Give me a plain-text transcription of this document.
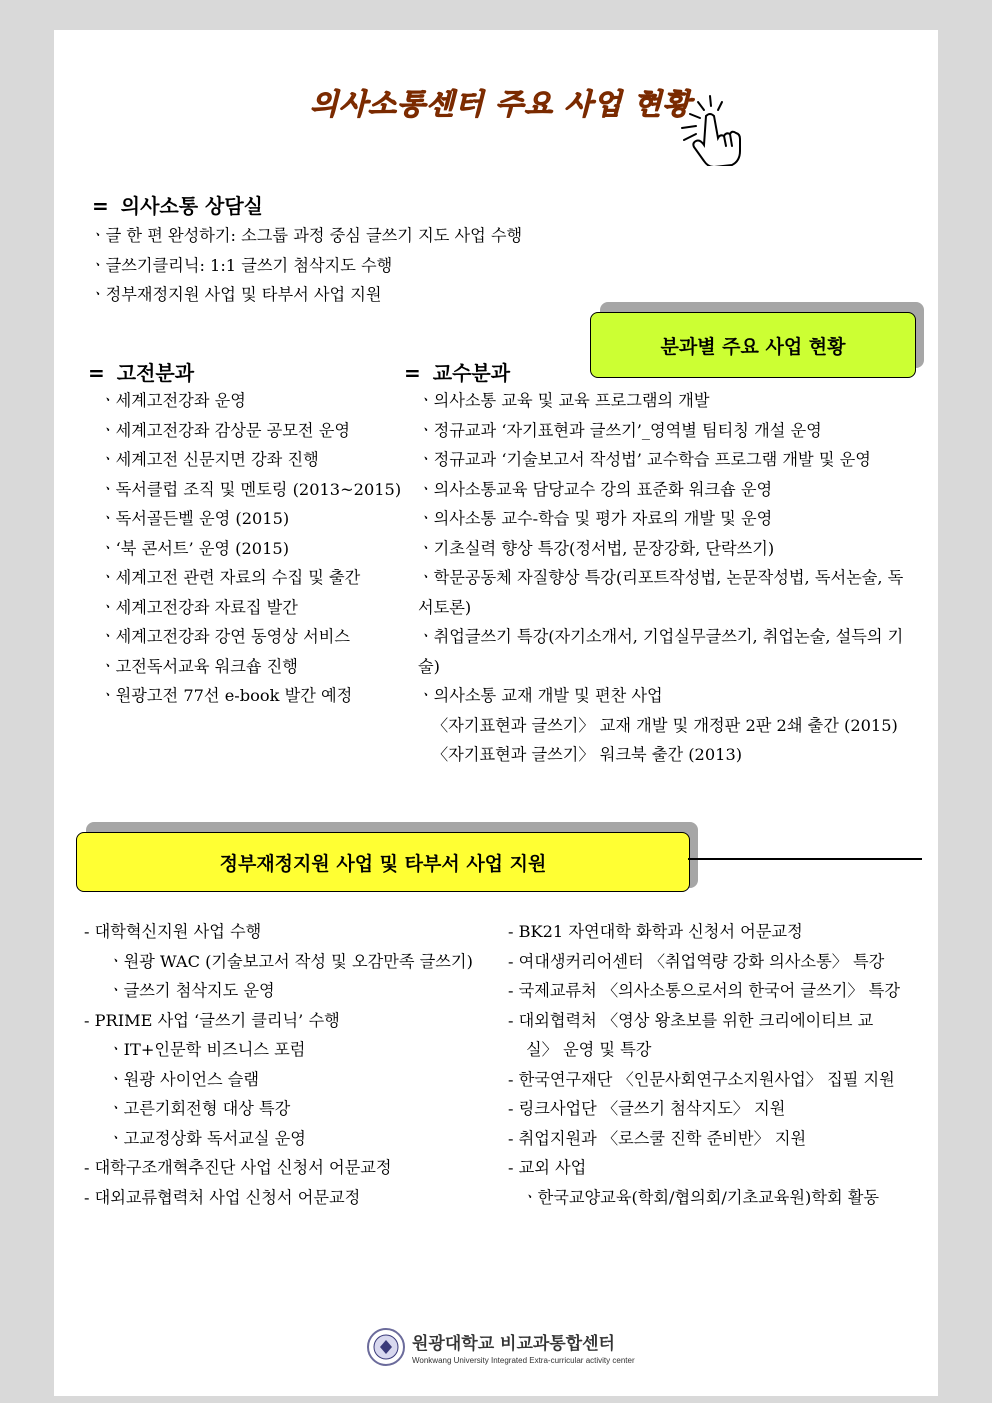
의사소통센터 주요 사업 현황
= 의사소통 상담실
ㆍ글 한 편 완성하기: 소그룹 과정 중심 글쓰기 지도 사업 수행
ㆍ글쓰기클리닉: 1:1 글쓰기 첨삭지도 수행
ㆍ정부재정지원 사업 및 타부서 사업 지원
분과별 주요 사업 현황
= 고전분과
ㆍ세계고전강좌 운영
ㆍ세계고전강좌 감상문 공모전 운영
ㆍ세계고전 신문지면 강좌 진행
ㆍ독서클럽 조직 및 멘토링 (2013~2015)
ㆍ독서골든벨 운영 (2015)
ㆍ‘북 콘서트’ 운영 (2015)
ㆍ세계고전 관련 자료의 수집 및 출간
ㆍ세계고전강좌 자료집 발간
ㆍ세계고전강좌 강연 동영상 서비스
ㆍ고전독서교육 워크숍 진행
ㆍ원광고전 77선 e-book 발간 예정
= 교수분과
ㆍ의사소통 교육 및 교육 프로그램의 개발
ㆍ정규교과 ‘자기표현과 글쓰기’_영역별 팀티칭 개설 운영
ㆍ정규교과 ‘기술보고서 작성법’ 교수학습 프로그램 개발 및 운영
ㆍ의사소통교육 담당교수 강의 표준화 워크숍 운영
ㆍ의사소통 교수-학습 및 평가 자료의 개발 및 운영
ㆍ기초실력 향상 특강(정서법, 문장강화, 단락쓰기)
ㆍ학문공동체 자질향상 특강(리포트작성법, 논문작성법, 독서논술, 독서토론)
ㆍ취업글쓰기 특강(자기소개서, 기업실무글쓰기, 취업논술, 설득의 기술)
ㆍ의사소통 교재 개발 및 편찬 사업
〈자기표현과 글쓰기〉 교재 개발 및 개정판 2판 2쇄 출간 (2015)
〈자기표현과 글쓰기〉 워크북 출간 (2013)
정부재정지원 사업 및 타부서 사업 지원
- 대학혁신지원 사업 수행
ㆍ원광 WAC (기술보고서 작성 및 오감만족 글쓰기)
ㆍ글쓰기 첨삭지도 운영
- PRIME 사업 ‘글쓰기 클리닉’ 수행
ㆍIT+인문학 비즈니스 포럼
ㆍ원광 사이언스 슬램
ㆍ고른기회전형 대상 특강
ㆍ고교정상화 독서교실 운영
- 대학구조개혁추진단 사업 신청서 어문교정
- 대외교류협력처 사업 신청서 어문교정
- BK21 자연대학 화학과 신청서 어문교정
- 여대생커리어센터 〈취업역량 강화 의사소통〉 특강
- 국제교류처 〈의사소통으로서의 한국어 글쓰기〉 특강
- 대외협력처 〈영상 왕초보를 위한 크리에이티브 교
실〉 운영 및 특강
- 한국연구재단 〈인문사회연구소지원사업〉 집필 지원
- 링크사업단 〈글쓰기 첨삭지도〉 지원
- 취업지원과 〈로스쿨 진학 준비반〉 지원
- 교외 사업
ㆍ한국교양교육(학회/협의회/기초교육원)학회 활동
원광대학교 비교과통합센터
Wonkwang University Integrated Extra-curricular activity center
